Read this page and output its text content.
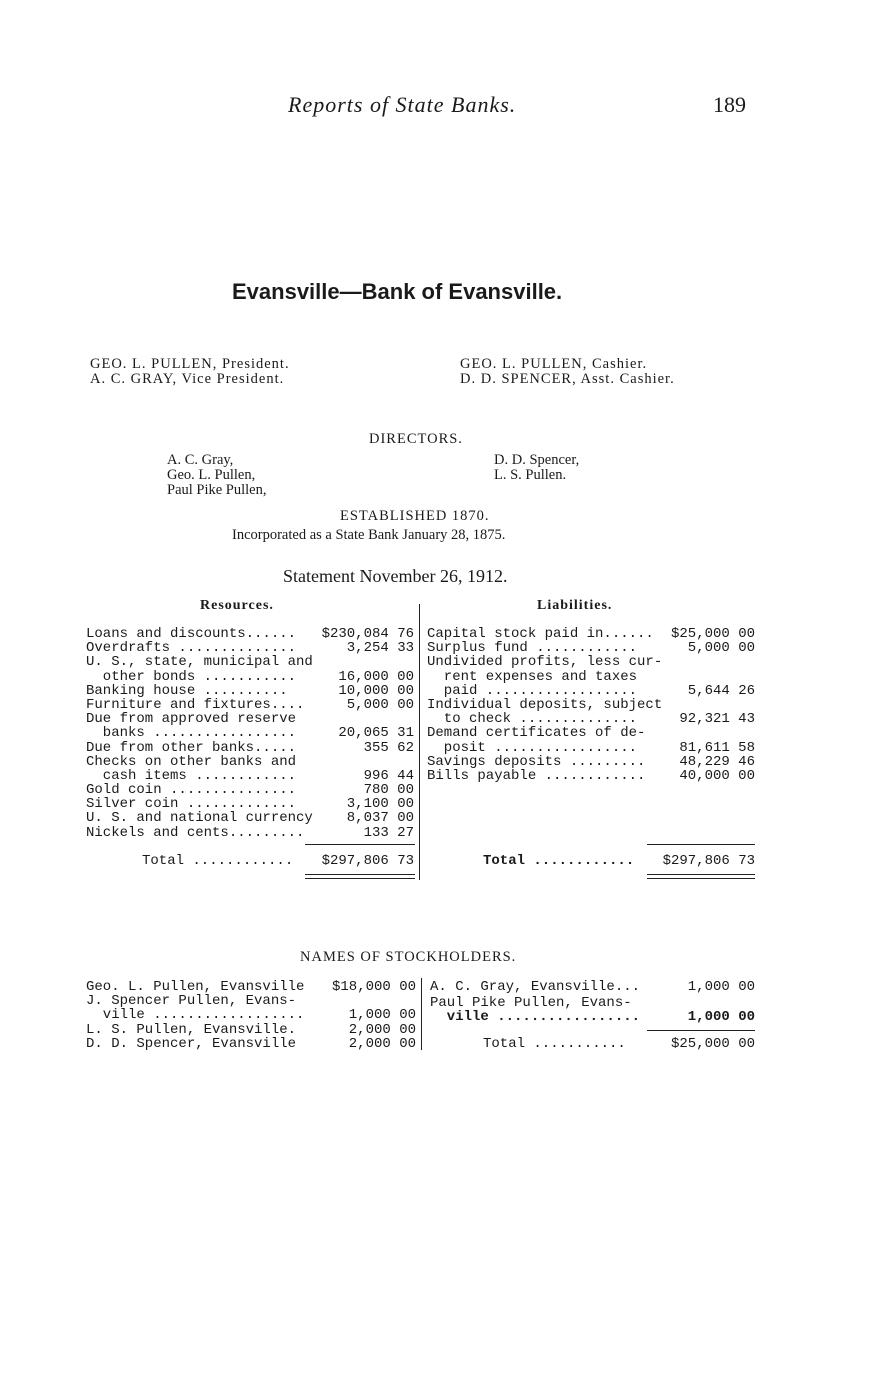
Reports of State Banks.	189
Evansville—Bank of Evansville.
GEO. L. PULLEN, President.
A. C. GRAY, Vice President.
GEO. L. PULLEN, Cashier.
D. D. SPENCER, Asst. Cashier.
DIRECTORS.
A. C. Gray,
Geo. L. Pullen,
Paul Pike Pullen,
D. D. Spencer,
L. S. Pullen.
ESTABLISHED 1870.
Incorporated as a State Bank January 28, 1875.
Statement November 26, 1912.
Resources.	Liabilities.
Loans and discounts...... $230,084 76
Overdrafts ..............	3,254 33
U. S., state, municipal and
other bonds ...........	16,000 00
Banking house ..........	10,000 00
Furniture and fixtures....	5,000 00
Due from approved reserve
banks .................	20,065 31
Due from other banks.....	355 62
Checks on other banks and
cash items ............	996 44
Gold coin ...............	780 00
Silver coin .............	3,100 00
U. S. and national currency 8,037 00
Nickels and cents.........	133 27
Total ............ $297,806 73
Capital stock paid in...... $25,000 00
Surplus fund ............	5,000 00
Undivided profits, less cur-
rent expenses and taxes
paid ..................	5,644 26
Individual deposits, subject
to check ..............	92,321 43
Demand certificates of de-
posit .................	81,611 58
Savings deposits ......... 48,229 46
Bills payable ............ 40,000 00
Total ............ $297,806 73
NAMES OF STOCKHOLDERS.
Geo. L. Pullen, Evansville $18,000 00
J. Spencer Pullen, Evans-
ville ..................	1,000 00
L. S. Pullen, Evansville.	2,000 00
D. D. Spencer, Evansville	2,000 00
A. C. Gray, Evansville...	1,000 00
Paul Pike Pullen, Evans-
ville .................	1,000 00
Total ...........	$25,000 00
